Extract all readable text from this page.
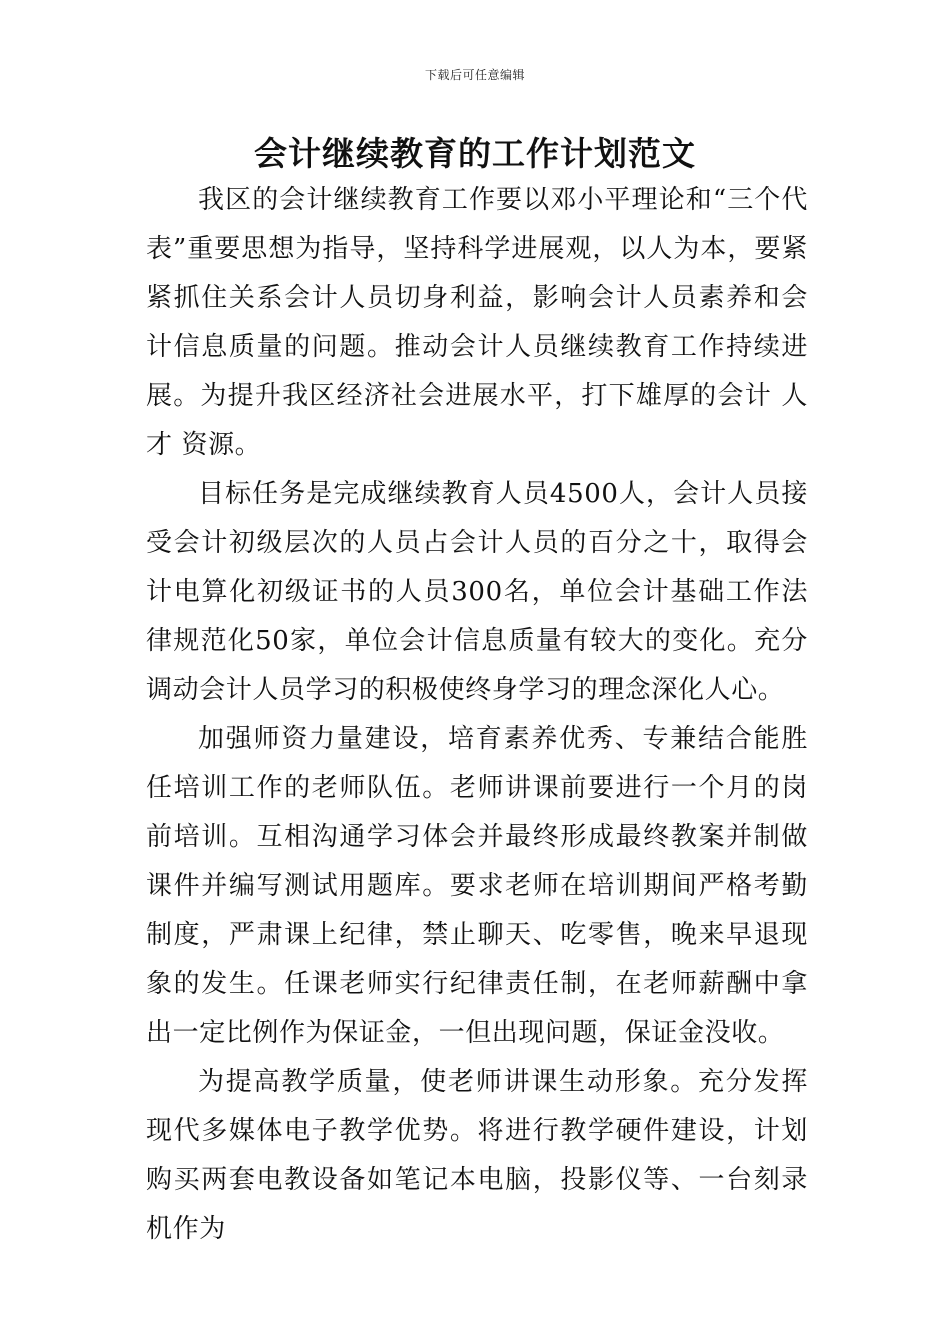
下载后可任意编辑
会计继续教育的工作计划范文

我区的会计继续教育工作要以邓小平理论和“三个代表”重要思想为指导，坚持科学进展观，以人为本，要紧紧抓住关系会计人员切身利益，影响会计人员素养和会计信息质量的问题。推动会计人员继续教育工作持续进展。为提升我区经济社会进展水平，打下雄厚的会计 人才 资源。

目标任务是完成继续教育人员4500人，会计人员接受会计初级层次的人员占会计人员的百分之十，取得会计电算化初级证书的人员300名，单位会计基础工作法律规范化50家，单位会计信息质量有较大的变化。充分调动会计人员学习的积极使终身学习的理念深化人心。

加强师资力量建设，培育素养优秀、专兼结合能胜任培训工作的老师队伍。老师讲课前要进行一个月的岗前培训。互相沟通学习体会并最终形成最终教案并制做课件并编写测试用题库。要求老师在培训期间严格考勤制度，严肃课上纪律，禁止聊天、吃零售，晚来早退现象的发生。任课老师实行纪律责任制，在老师薪酬中拿出一定比例作为保证金，一但出现问题，保证金没收。

为提高教学质量，使老师讲课生动形象。充分发挥现代多媒体电子教学优势。将进行教学硬件建设，计划购买两套电教设备如笔记本电脑，投影仪等、一台刻录机作为
